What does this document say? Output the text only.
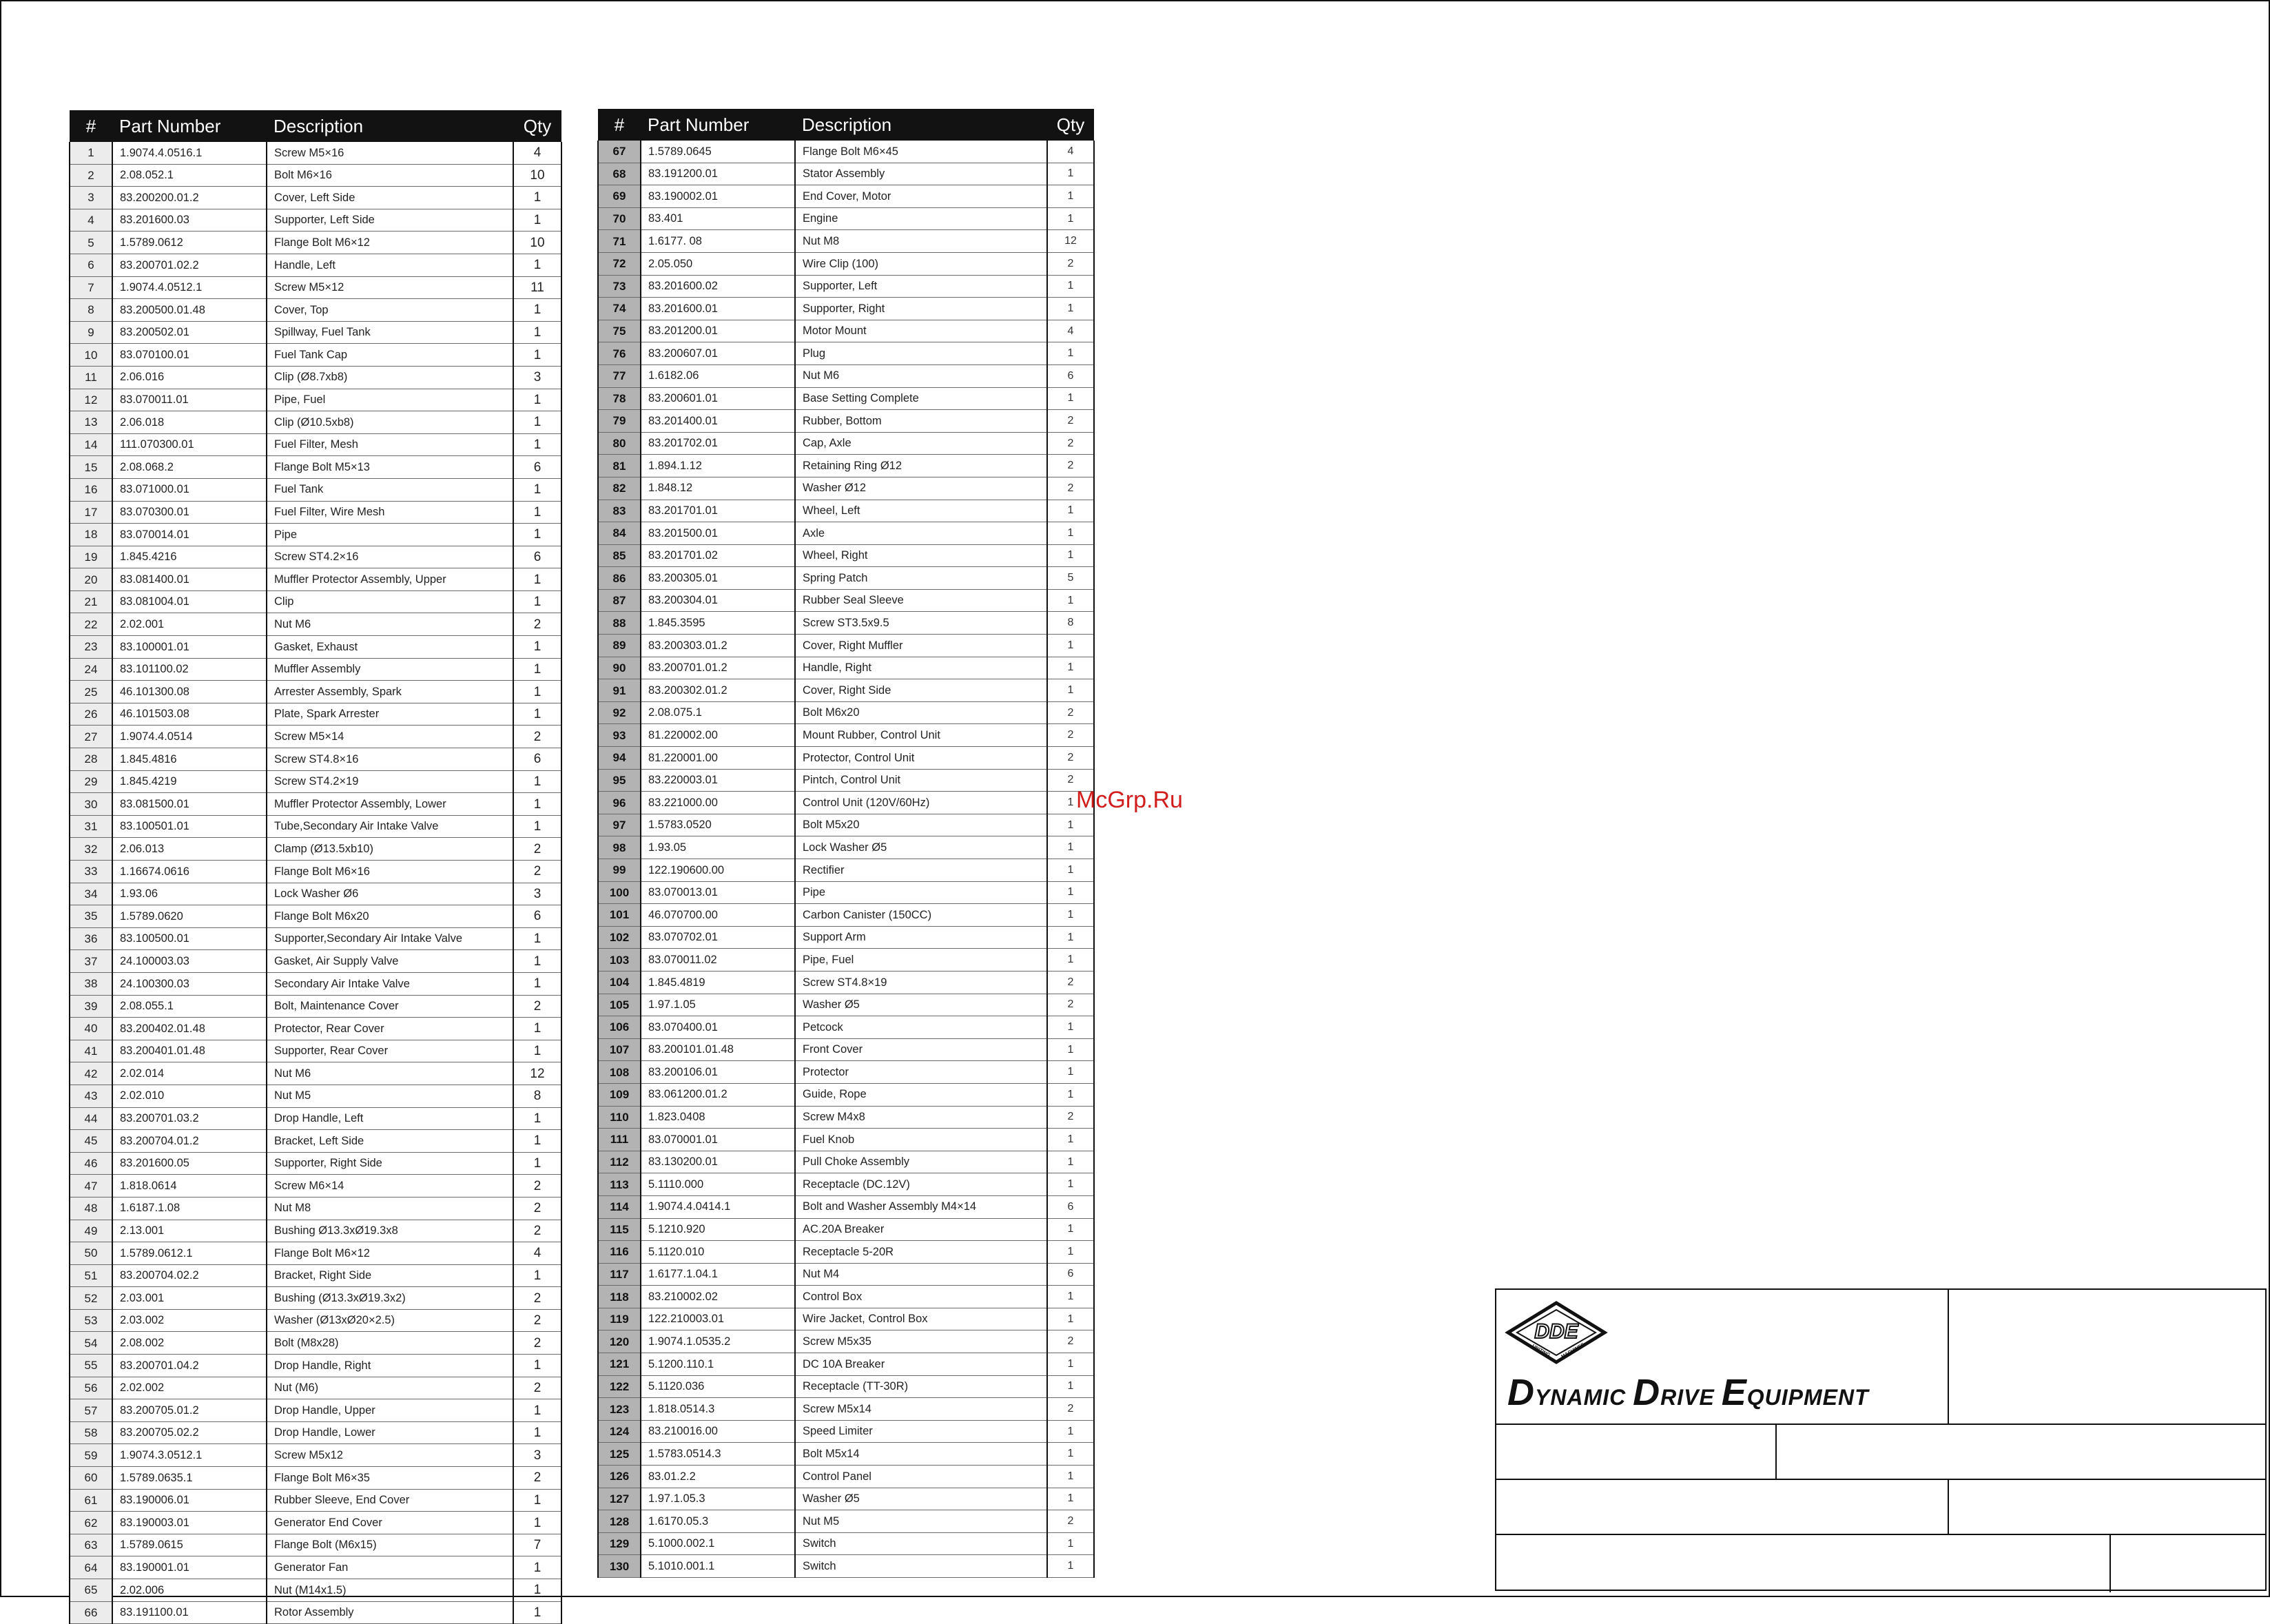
#	Part Number	Description	Qty
1	1.9074.4.0516.1	Screw M5×16	4
2	2.08.052.1	Bolt M6×16	10
3	83.200200.01.2	Cover, Left Side	1
4	83.201600.03	Supporter, Left Side	1
5	1.5789.0612	Flange Bolt M6×12	10
6	83.200701.02.2	Handle, Left	1
7	1.9074.4.0512.1	Screw M5×12	11
8	83.200500.01.48	Cover, Top	1
9	83.200502.01	Spillway, Fuel Tank	1
10	83.070100.01	Fuel Tank Cap	1
11	2.06.016	Clip (Ø8.7xb8)	3
12	83.070011.01	Pipe, Fuel	1
13	2.06.018	Clip (Ø10.5xb8)	1
14	111.070300.01	Fuel Filter, Mesh	1
15	2.08.068.2	Flange Bolt M5×13	6
16	83.071000.01	Fuel Tank	1
17	83.070300.01	Fuel Filter, Wire Mesh	1
18	83.070014.01	Pipe	1
19	1.845.4216	Screw ST4.2×16	6
20	83.081400.01	Muffler Protector Assembly, Upper	1
21	83.081004.01	Clip	1
22	2.02.001	Nut M6	2
23	83.100001.01	Gasket, Exhaust	1
24	83.101100.02	Muffler Assembly	1
25	46.101300.08	Arrester Assembly, Spark	1
26	46.101503.08	Plate, Spark Arrester	1
27	1.9074.4.0514	Screw M5×14	2
28	1.845.4816	Screw ST4.8×16	6
29	1.845.4219	Screw ST4.2×19	1
30	83.081500.01	Muffler Protector Assembly, Lower	1
31	83.100501.01	Tube,Secondary Air Intake Valve	1
32	2.06.013	Clamp (Ø13.5xb10)	2
33	1.16674.0616	Flange Bolt M6×16	2
34	1.93.06	Lock Washer Ø6	3
35	1.5789.0620	Flange Bolt M6x20	6
36	83.100500.01	Supporter,Secondary Air Intake Valve	1
37	24.100003.03	Gasket, Air Supply Valve	1
38	24.100300.03	Secondary Air Intake Valve	1
39	2.08.055.1	Bolt, Maintenance Cover	2
40	83.200402.01.48	Protector, Rear Cover	1
41	83.200401.01.48	Supporter, Rear Cover	1
42	2.02.014	Nut M6	12
43	2.02.010	Nut M5	8
44	83.200701.03.2	Drop Handle, Left	1
45	83.200704.01.2	Bracket, Left Side	1
46	83.201600.05	Supporter, Right Side	1
47	1.818.0614	Screw M6×14	2
48	1.6187.1.08	Nut M8	2
49	2.13.001	Bushing Ø13.3xØ19.3x8	2
50	1.5789.0612.1	Flange Bolt M6×12	4
51	83.200704.02.2	Bracket, Right Side	1
52	2.03.001	Bushing (Ø13.3xØ19.3x2)	2
53	2.03.002	Washer (Ø13xØ20×2.5)	2
54	2.08.002	Bolt (M8x28)	2
55	83.200701.04.2	Drop Handle, Right	1
56	2.02.002	Nut (M6)	2
57	83.200705.01.2	Drop Handle, Upper	1
58	83.200705.02.2	Drop Handle, Lower	1
59	1.9074.3.0512.1	Screw M5x12	3
60	1.5789.0635.1	Flange Bolt M6×35	2
61	83.190006.01	Rubber Sleeve, End Cover	1
62	83.190003.01	Generator End Cover	1
63	1.5789.0615	Flange Bolt (M6x15)	7
64	83.190001.01	Generator Fan	1
65	2.02.006	Nut (M14x1.5)	1
66	83.191100.01	Rotor Assembly	1
#	Part Number	Description	Qty
67	1.5789.0645	Flange Bolt M6×45	4
68	83.191200.01	Stator Assembly	1
69	83.190002.01	End Cover, Motor	1
70	83.401	Engine	1
71	1.6177. 08	Nut M8	12
72	2.05.050	Wire Clip (100)	2
73	83.201600.02	Supporter, Left	1
74	83.201600.01	Supporter, Right	1
75	83.201200.01	Motor Mount	4
76	83.200607.01	Plug	1
77	1.6182.06	Nut M6	6
78	83.200601.01	Base Setting Complete	1
79	83.201400.01	Rubber, Bottom	2
80	83.201702.01	Cap, Axle	2
81	1.894.1.12	Retaining Ring Ø12	2
82	1.848.12	Washer Ø12	2
83	83.201701.01	Wheel, Left	1
84	83.201500.01	Axle	1
85	83.201701.02	Wheel, Right	1
86	83.200305.01	Spring Patch	5
87	83.200304.01	Rubber Seal Sleeve	1
88	1.845.3595	Screw ST3.5x9.5	8
89	83.200303.01.2	Cover, Right Muffler	1
90	83.200701.01.2	Handle, Right	1
91	83.200302.01.2	Cover, Right Side	1
92	2.08.075.1	Bolt M6x20	2
93	81.220002.00	Mount Rubber, Control Unit	2
94	81.220001.00	Protector, Control Unit	2
95	83.220003.01	Pintch, Control Unit	2
96	83.221000.00	Control Unit (120V/60Hz)	1
97	1.5783.0520	Bolt M5x20	1
98	1.93.05	Lock Washer Ø5	1
99	122.190600.00	Rectifier	1
100	83.070013.01	Pipe	1
101	46.070700.00	Carbon Canister (150CC)	1
102	83.070702.01	Support Arm	1
103	83.070011.02	Pipe, Fuel	1
104	1.845.4819	Screw ST4.8×19	2
105	1.97.1.05	Washer Ø5	2
106	83.070400.01	Petcock	1
107	83.200101.01.48	Front Cover	1
108	83.200106.01	Protector	1
109	83.061200.01.2	Guide, Rope	1
110	1.823.0408	Screw M4x8	2
111	83.070001.01	Fuel Knob	1
112	83.130200.01	Pull Choke Assembly	1
113	5.1110.000	Receptacle (DC.12V)	1
114	1.9074.4.0414.1	Bolt and Washer Assembly M4×14	6
115	5.1210.920	AC.20A Breaker	1
116	5.1120.010	Receptacle 5-20R	1
117	1.6177.1.04.1	Nut M4	6
118	83.210002.02	Control Box	1
119	122.210003.01	Wire Jacket, Control Box	1
120	1.9074.1.0535.2	Screw M5x35	2
121	5.1200.110.1	DC 10A Breaker	1
122	5.1120.036	Receptacle (TT-30R)	1
123	1.818.0514.3	Screw M5x14	2
124	83.210016.00	Speed Limiter	1
125	1.5783.0514.3	Bolt M5x14	1
126	83.01.2.2	Control Panel	1
127	1.97.1.05.3	Washer Ø5	1
128	1.6170.05.3	Nut M5	2
129	5.1000.002.1	Switch	1
130	5.1010.001.1	Switch	1
McGrp.Ru
DDE
UNITING MACHINES
DYNAMIC DRIVE EQUIPMENT
